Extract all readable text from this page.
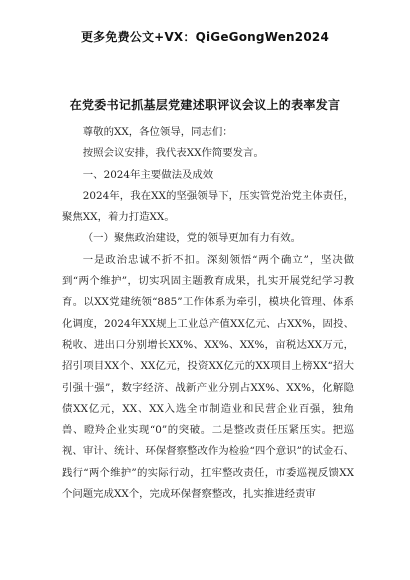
更多免费公文+VX：QiGeGongWen2024
在党委书记抓基层党建述职评议会议上的表率发言

尊敬的XX，各位领导，同志们：

按照会议安排，我代表XX作简要发言。

一、2024年主要做法及成效

2024年，我在XX的坚强领导下，压实管党治党主体责任，聚焦XX，着力打造XX。

（一）聚焦政治建设，党的领导更加有力有效。

一是政治忠诚不折不扣。深刻领悟“两个确立”，坚决做到“两个维护”，切实巩固主题教育成果，扎实开展党纪学习教育。以XX党建统领“885”工作体系为牵引，模块化管理、体系化调度，2024年XX规上工业总产值XX亿元、占XX%，固投、税收、进出口分别增长XX%、XX%、XX%，亩税达XX万元，招引项目XX个、XX亿元，投资XX亿元的XX项目上榜XX“招大引强十强”，数字经济、战新产业分别占XX%、XX%，化解隐债XX亿元，XX、XX入选全市制造业和民营企业百强，独角兽、瞪羚企业实现“0”的突破。二是整改责任压紧压实。把巡视、审计、统计、环保督察整改作为检验“四个意识”的试金石、践行“两个维护”的实际行动，扛牢整改责任，市委巡视反馈XX个问题完成XX个，完成环保督察整改，扎实推进经责审
